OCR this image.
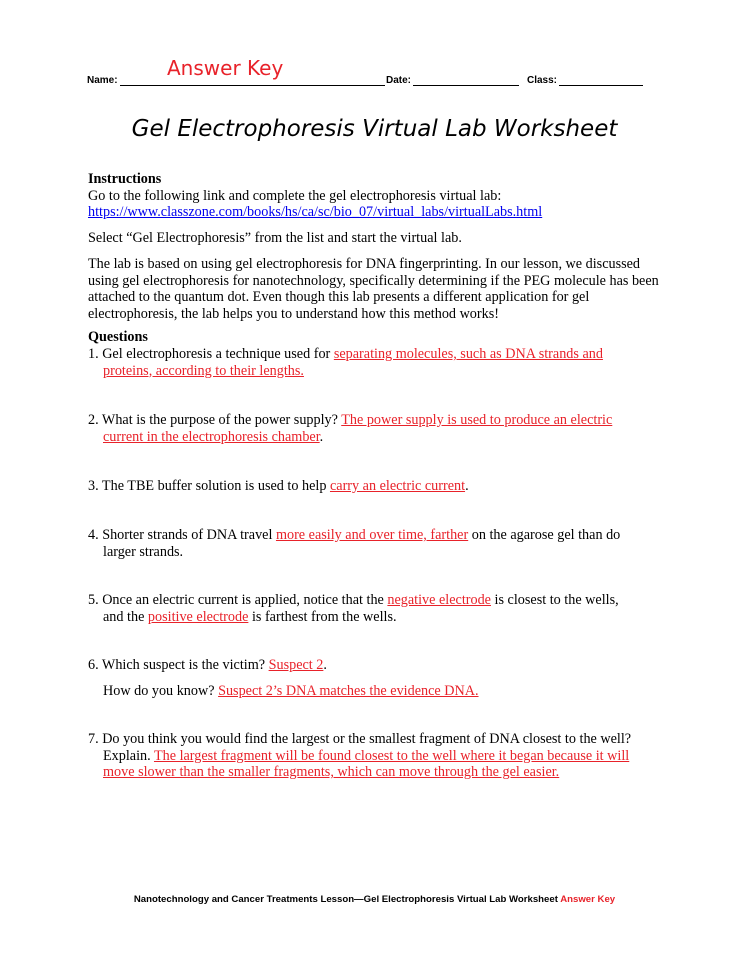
Name:
Answer Key
Date:	Class:
Gel Electrophoresis Virtual Lab Worksheet
Instructions
Go to the following link and complete the gel electrophoresis virtual lab:
https://www.classzone.com/books/hs/ca/sc/bio_07/virtual_labs/virtualLabs.html
Select “Gel Electrophoresis” from the list and start the virtual lab.
The lab is based on using gel electrophoresis for DNA fingerprinting. In our lesson, we discussed using gel electrophoresis for nanotechnology, specifically determining if the PEG molecule has been attached to the quantum dot. Even though this lab presents a different application for gel electrophoresis, the lab helps you to understand how this method works!
Questions
1. Gel electrophoresis a technique used for separating molecules, such as DNA strands and
proteins, according to their lengths.
2. What is the purpose of the power supply? The power supply is used to produce an electric
current in the electrophoresis chamber.
3. The TBE buffer solution is used to help carry an electric current.
4. Shorter strands of DNA travel more easily and over time, farther on the agarose gel than do
larger strands.
5. Once an electric current is applied, notice that the negative electrode is closest to the wells,
and the positive electrode is farthest from the wells.
6. Which suspect is the victim? Suspect 2.
How do you know? Suspect 2’s DNA matches the evidence DNA.
7. Do you think you would find the largest or the smallest fragment of DNA closest to the well?
Explain. The largest fragment will be found closest to the well where it began because it will
move slower than the smaller fragments, which can move through the gel easier.
Nanotechnology and Cancer Treatments Lesson—Gel Electrophoresis Virtual Lab Worksheet Answer Key
